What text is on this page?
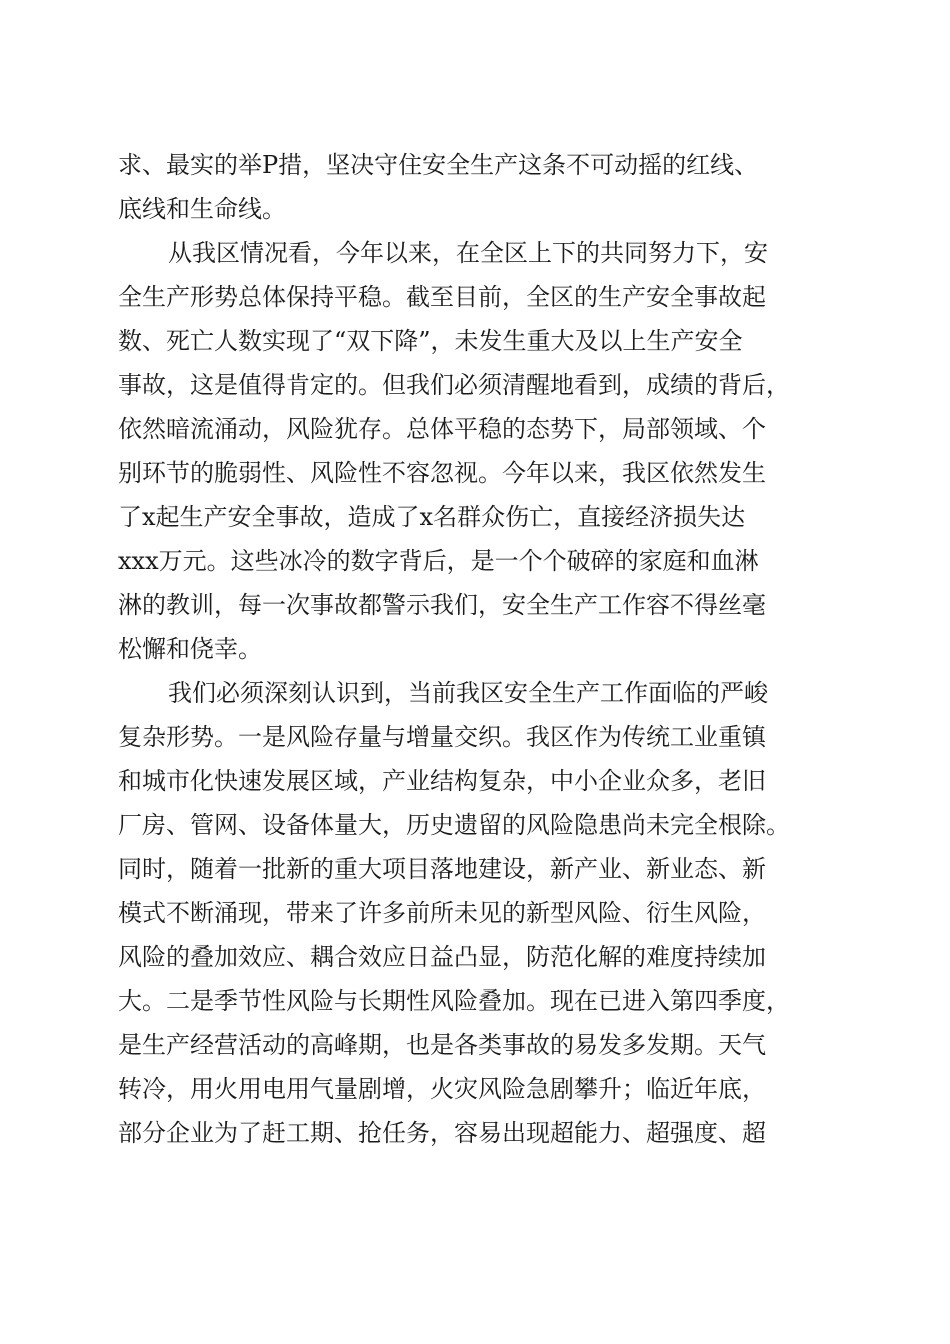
求、最实的举P措，坚决守住安全生产这条不可动摇的红线、
底线和生命线。
从我区情况看，今年以来，在全区上下的共同努力下，安
全生产形势总体保持平稳。截至目前，全区的生产安全事故起
数、死亡人数实现了“双下降”，未发生重大及以上生产安全
事故，这是值得肯定的。但我们必须清醒地看到，成绩的背后，
依然暗流涌动，风险犹存。总体平稳的态势下，局部领域、个
别环节的脆弱性、风险性不容忽视。今年以来，我区依然发生
了x起生产安全事故，造成了x名群众伤亡，直接经济损失达
xxx万元。这些冰冷的数字背后，是一个个破碎的家庭和血淋
淋的教训，每一次事故都警示我们，安全生产工作容不得丝毫
松懈和侥幸。
我们必须深刻认识到，当前我区安全生产工作面临的严峻
复杂形势。一是风险存量与增量交织。我区作为传统工业重镇
和城市化快速发展区域，产业结构复杂，中小企业众多，老旧
厂房、管网、设备体量大，历史遗留的风险隐患尚未完全根除。
同时，随着一批新的重大项目落地建设，新产业、新业态、新
模式不断涌现，带来了许多前所未见的新型风险、衍生风险，
风险的叠加效应、耦合效应日益凸显，防范化解的难度持续加
大。二是季节性风险与长期性风险叠加。现在已进入第四季度，
是生产经营活动的高峰期，也是各类事故的易发多发期。天气
转冷，用火用电用气量剧增，火灾风险急剧攀升；临近年底，
部分企业为了赶工期、抢任务，容易出现超能力、超强度、超
